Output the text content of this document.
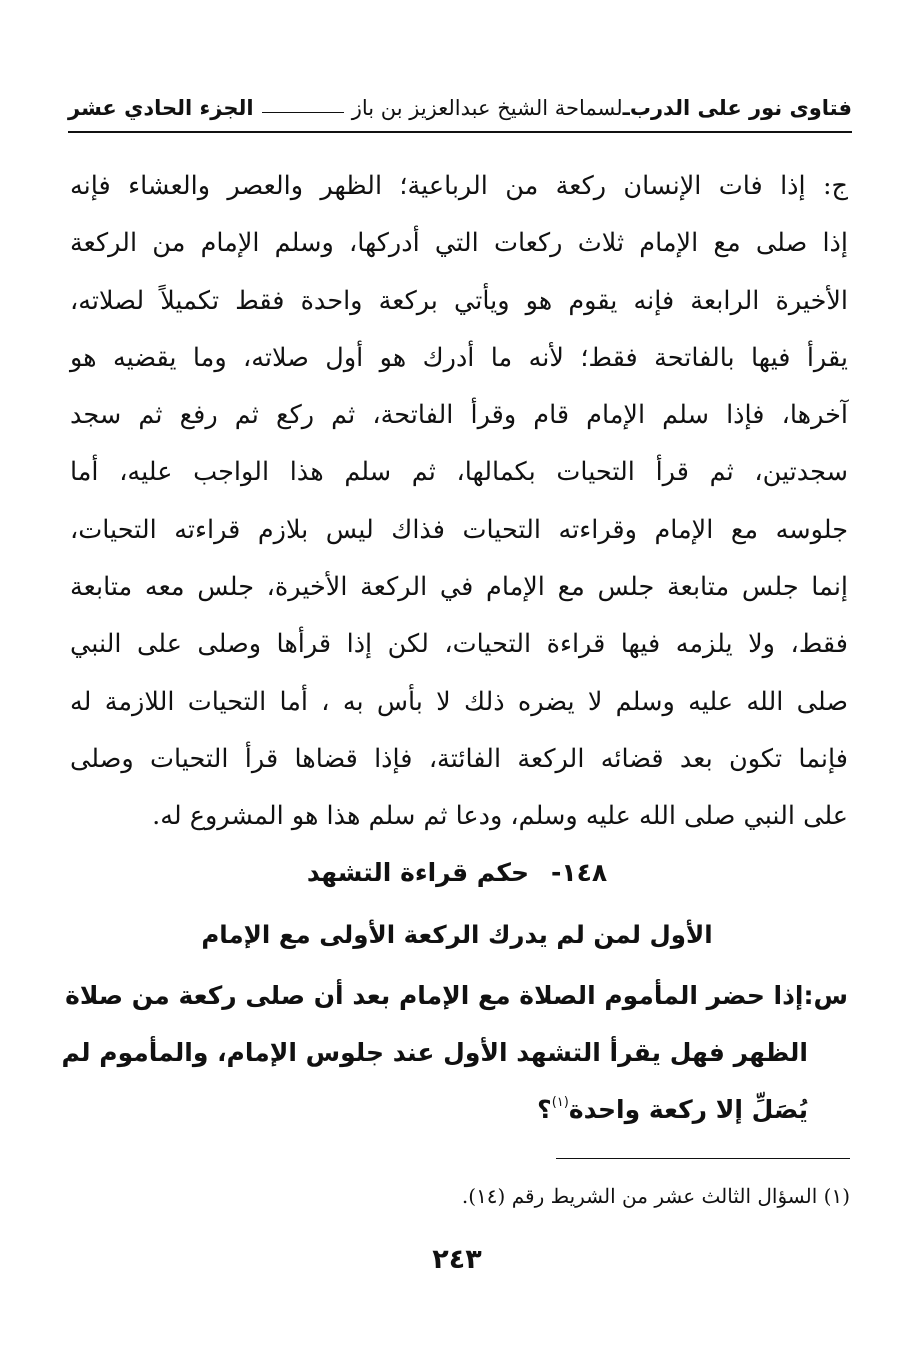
فتاوى نور على الدرب
ـ
لسماحة الشيخ عبدالعزيز بن باز
الجزء الحادي عشر
ج: إذا فات الإنسان ركعة من الرباعية؛ الظهر والعصر والعشاء فإنه
إذا صلى مع الإمام ثلاث ركعات التي أدركها، وسلم الإمام من الركعة
الأخيرة الرابعة فإنه يقوم هو ويأتي بركعة واحدة فقط تكميلاً لصلاته،
يقرأ فيها بالفاتحة فقط؛ لأنه ما أدرك هو أول صلاته، وما يقضيه هو
آخرها، فإذا سلم الإمام قام وقرأ الفاتحة، ثم ركع ثم رفع ثم سجد
سجدتين، ثم قرأ التحيات بكمالها، ثم سلم هذا الواجب عليه، أما
جلوسه مع الإمام وقراءته التحيات فذاك ليس بلازم قراءته التحيات،
إنما جلس متابعة جلس مع الإمام في الركعة الأخيرة، جلس معه متابعة
فقط، ولا يلزمه فيها قراءة التحيات، لكن إذا قرأها وصلى على النبي
صلى الله عليه وسلم لا يضره ذلك لا بأس به ، أما التحيات اللازمة له
فإنما تكون بعد قضائه الركعة الفائتة، فإذا قضاها قرأ التحيات وصلى
على النبي صلى الله عليه وسلم، ودعا ثم سلم هذا هو المشروع له.
١٤٨-حكم قراءة التشهد
الأول لمن لم يدرك الركعة الأولى مع الإمام
س:إذا حضر المأموم الصلاة مع الإمام بعد أن صلى ركعة من صلاة
الظهر فهل يقرأ التشهد الأول عند جلوس الإمام، والمأموم لم
يُصَلِّ إلا ركعة واحدة$^{(١)}$؟
(١) السؤال الثالث عشر من الشريط رقم (١٤).
٢٤٣
